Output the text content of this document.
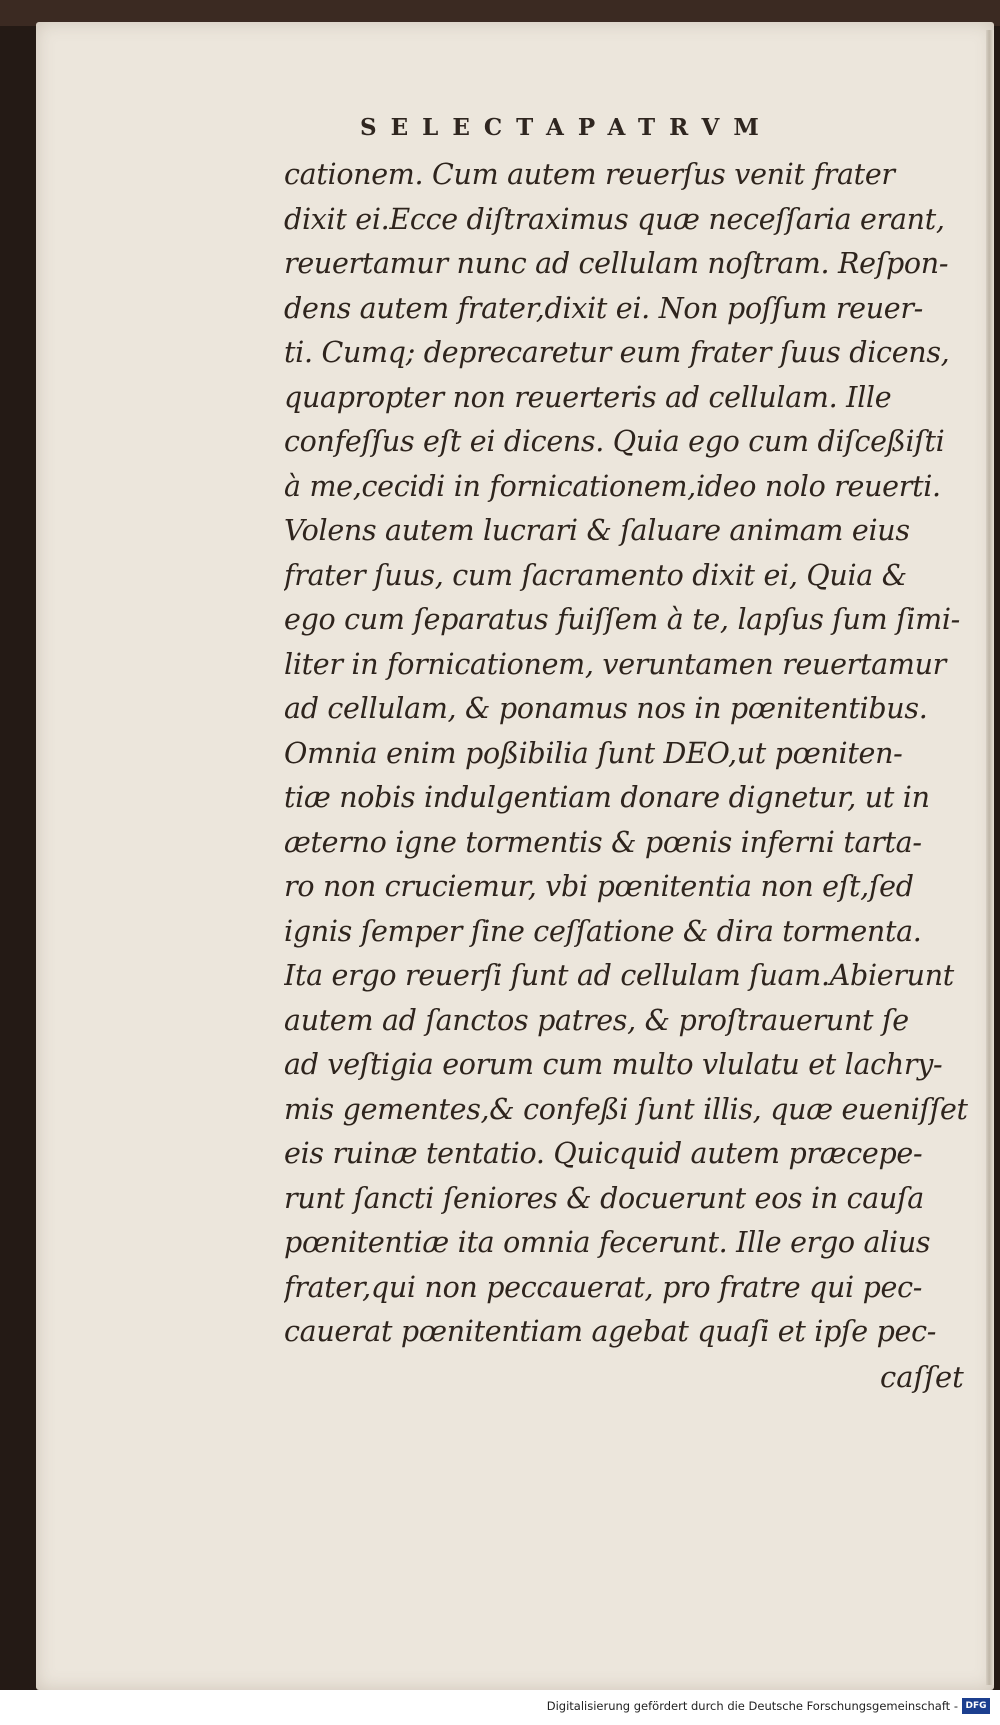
SELECTAPATRVM
cationem. Cum autem reuerſus venit frater
dixit ei.Ecce diſtraximus quæ neceſſaria erant,
reuertamur nunc ad cellulam noſtram. Reſpon-
dens autem frater,dixit ei. Non poſſum reuer-
ti. Cumq; deprecaretur eum frater ſuus dicens,
quapropter non reuerteris ad cellulam. Ille
confeſſus eſt ei dicens. Quia ego cum diſceßiſti
à me,cecidi in fornicationem,ideo nolo reuerti.
Volens autem lucrari & ſaluare animam eius
frater ſuus, cum ſacramento dixit ei, Quia &
ego cum ſeparatus fuiſſem à te, lapſus ſum ſimi-
liter in fornicationem, veruntamen reuertamur
ad cellulam, & ponamus nos in pœnitentibus.
Omnia enim poßibilia ſunt DEO,ut pœniten-
tiæ nobis indulgentiam donare dignetur, ut in
æterno igne tormentis & pœnis inferni tarta-
ro non cruciemur, vbi pœnitentia non eſt,ſed
ignis ſemper ſine ceſſatione & dira tormenta.
Ita ergo reuerſi ſunt ad cellulam ſuam.Abierunt
autem ad ſanctos patres, & proſtrauerunt ſe
ad veſtigia eorum cum multo vlulatu et lachry-
mis gementes,& confeßi ſunt illis, quæ eueniſſet
eis ruinæ tentatio. Quicquid autem præcepe-
runt ſancti ſeniores & docuerunt eos in cauſa
pœnitentiæ ita omnia fecerunt. Ille ergo alius
frater,qui non peccauerat, pro fratre qui pec-
cauerat pœnitentiam agebat quaſi et ipſe pec-
caſſet
Digitalisierung gefördert durch die Deutsche Forschungsgemeinschaft - DFG
